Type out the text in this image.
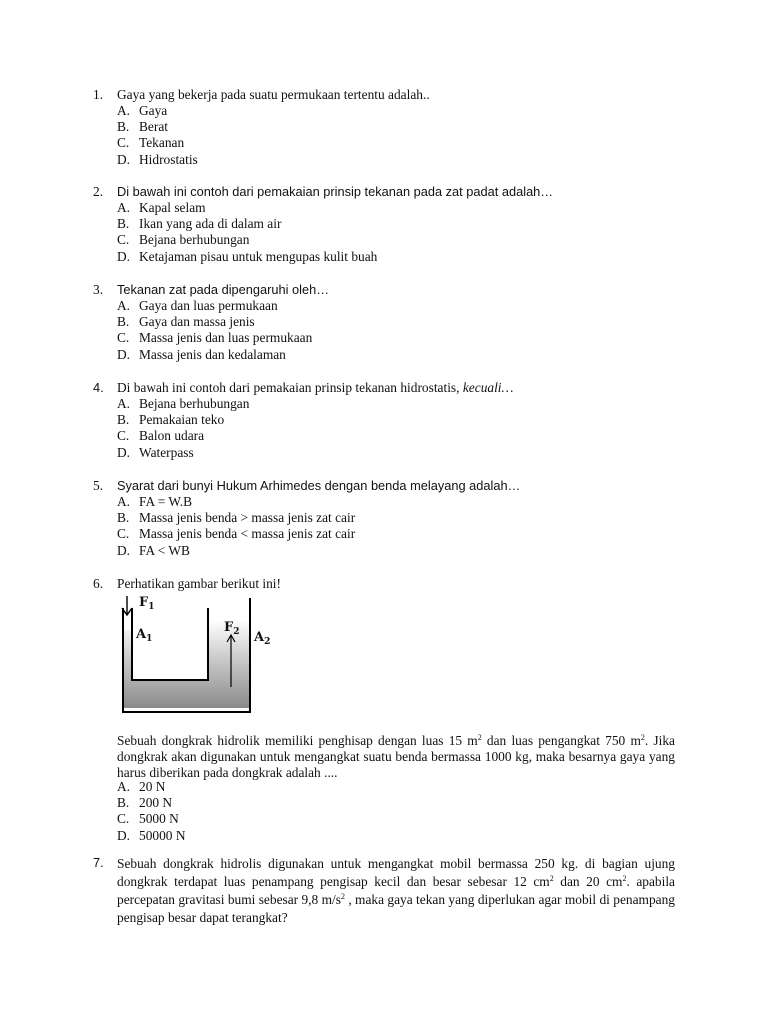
1. Gaya yang bekerja pada suatu permukaan tertentu adalah..
A. Gaya
B. Berat
C. Tekanan
D. Hidrostatis
2. Di bawah ini contoh dari pemakaian prinsip tekanan pada zat padat adalah…
A. Kapal selam
B. Ikan yang ada di dalam air
C. Bejana berhubungan
D. Ketajaman pisau untuk mengupas kulit buah
3. Tekanan zat pada dipengaruhi oleh…
A. Gaya dan luas permukaan
B. Gaya dan massa jenis
C. Massa jenis dan luas permukaan
D. Massa jenis dan kedalaman
4. Di bawah ini contoh dari pemakaian prinsip tekanan hidrostatis, kecuali…
A. Bejana berhubungan
B. Pemakaian teko
C. Balon udara
D. Waterpass
5. Syarat dari bunyi Hukum Arhimedes dengan benda melayang adalah…
A. FA = W.B
B. Massa jenis benda > massa jenis zat cair
C. Massa jenis benda < massa jenis zat cair
D. FA < WB
6. Perhatikan gambar berikut ini!
$F_1$
$A_1$
$F_2$ $A_2$
Sebuah dongkrak hidrolik memiliki penghisap dengan luas 15 $m^2$ dan luas pengangkat 750 $m^2$. Jika dongkrak akan digunakan untuk mengangkat suatu benda bermassa 1000 kg, maka besarnya gaya yang harus diberikan pada dongkrak adalah ....
A. 20 N
B. 200 N
C. 5000 N
D. 50000 N
7. Sebuah dongkrak hidrolis digunakan untuk mengangkat mobil bermassa 250 kg. di bagian ujung dongkrak terdapat luas penampang pengisap kecil dan besar sebesar 12 $cm^2$ dan 20 $cm^2$. apabila percepatan gravitasi bumi sebesar 9,8 $m/s^2$ , maka gaya tekan yang diperlukan agar mobil di penampang pengisap besar dapat terangkat?
